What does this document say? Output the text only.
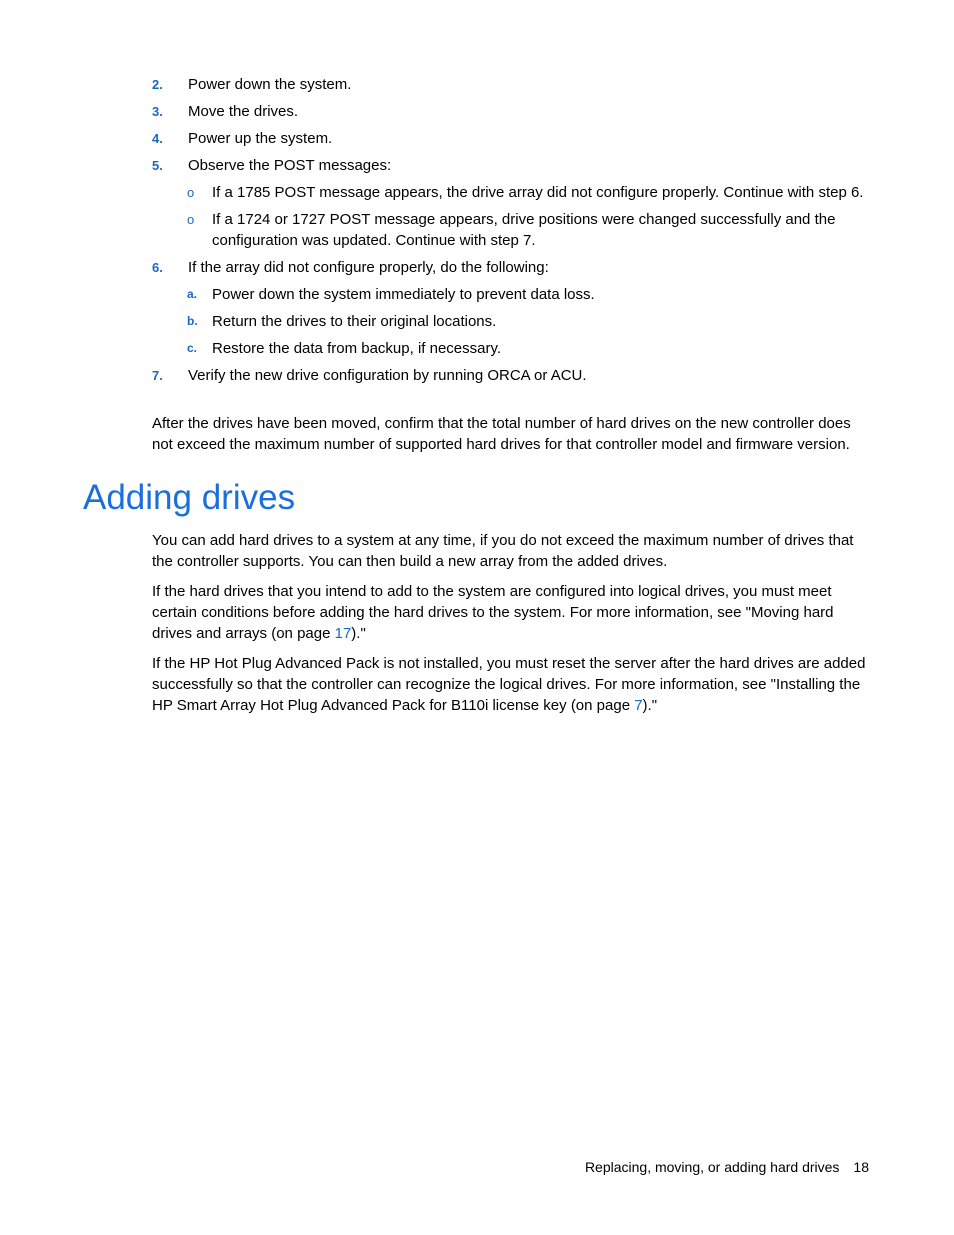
2. Power down the system.
3. Move the drives.
4. Power up the system.
5. Observe the POST messages:
o If a 1785 POST message appears, the drive array did not configure properly. Continue with step 6.
o If a 1724 or 1727 POST message appears, drive positions were changed successfully and the configuration was updated. Continue with step 7.
6. If the array did not configure properly, do the following:
a. Power down the system immediately to prevent data loss.
b. Return the drives to their original locations.
c. Restore the data from backup, if necessary.
7. Verify the new drive configuration by running ORCA or ACU.

After the drives have been moved, confirm that the total number of hard drives on the new controller does not exceed the maximum number of supported hard drives for that controller model and firmware version.

Adding drives

You can add hard drives to a system at any time, if you do not exceed the maximum number of drives that the controller supports. You can then build a new array from the added drives.

If the hard drives that you intend to add to the system are configured into logical drives, you must meet certain conditions before adding the hard drives to the system. For more information, see "Moving hard drives and arrays (on page 17)."

If the HP Hot Plug Advanced Pack is not installed, you must reset the server after the hard drives are added successfully so that the controller can recognize the logical drives. For more information, see "Installing the HP Smart Array Hot Plug Advanced Pack for B110i license key (on page 7)."

Replacing, moving, or adding hard drives 18
